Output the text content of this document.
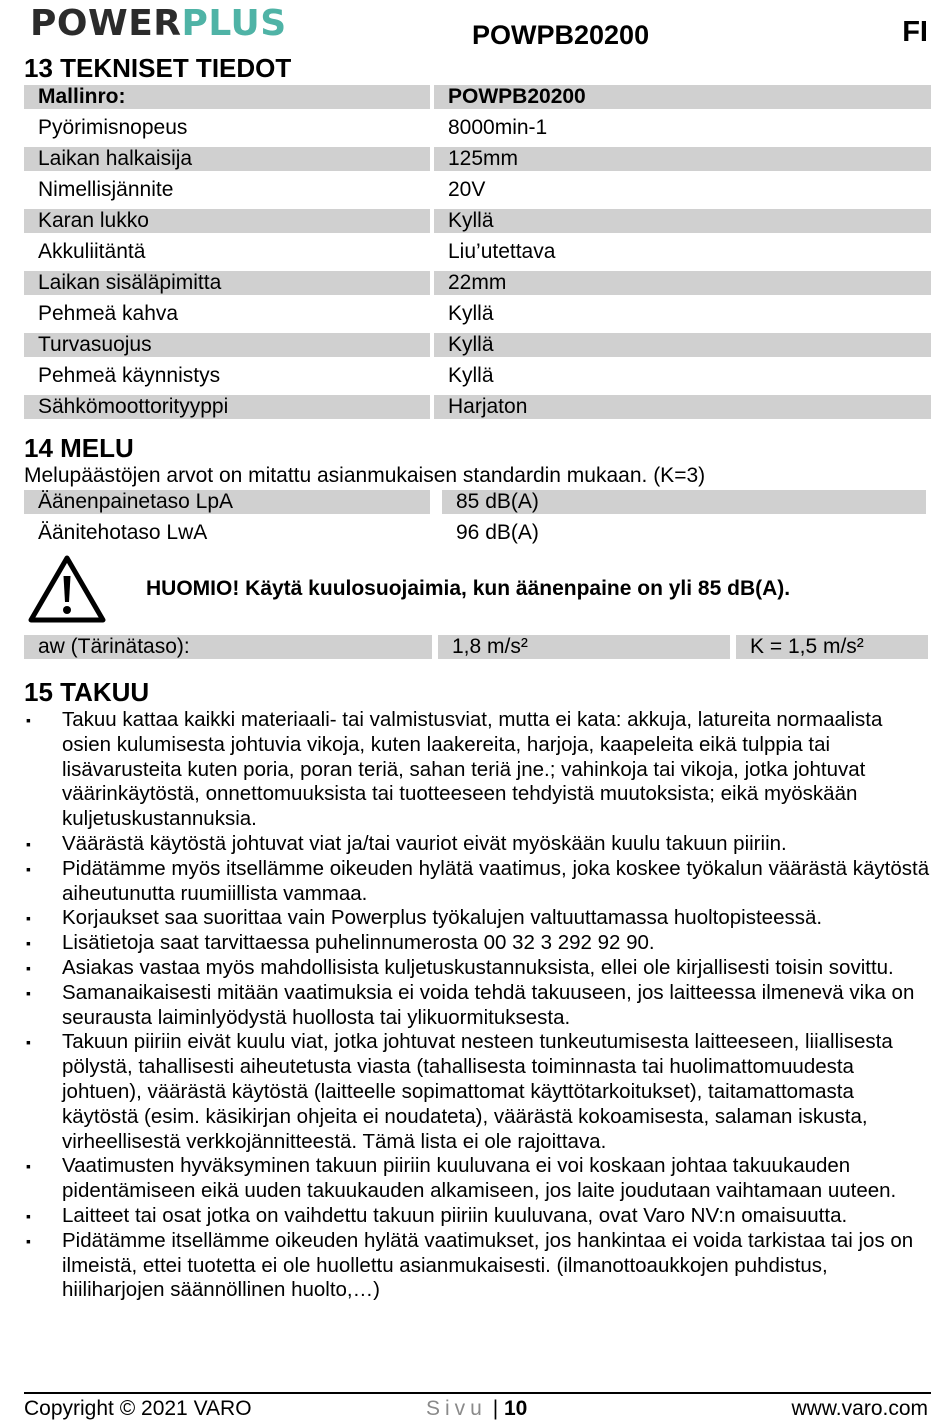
POWERPLUS	POWPB20200	FI
13 TEKNISET TIEDOT
Mallinro:	POWPB20200
Pyörimisnopeus	8000min-1
Laikan halkaisija	125mm
Nimellisjännite	20V
Karan lukko	Kyllä
Akkuliitäntä	Liu’utettava
Laikan sisäläpimitta	22mm
Pehmeä kahva	Kyllä
Turvasuojus	Kyllä
Pehmeä käynnistys	Kyllä
Sähkömoottorityyppi	Harjaton
14 MELU
Melupäästöjen arvot on mitattu asianmukaisen standardin mukaan. (K=3)
Äänenpainetaso LpA	85 dB(A)
Äänitehotaso LwA	96 dB(A)
HUOMIO! Käytä kuulosuojaimia, kun äänenpaine on yli 85 dB(A).
aw (Tärinätaso):	1,8 m/s²	K = 1,5 m/s²
15 TAKUU
▪ Takuu kattaa kaikki materiaali- tai valmistusviat, mutta ei kata: akkuja, latureita normaalista osien kulumisesta johtuvia vikoja, kuten laakereita, harjoja, kaapeleita eikä tulppia tai lisävarusteita kuten poria, poran teriä, sahan teriä jne.; vahinkoja tai vikoja, jotka johtuvat väärinkäytöstä, onnettomuuksista tai tuotteeseen tehdyistä muutoksista; eikä myöskään kuljetuskustannuksia.
▪ Väärästä käytöstä johtuvat viat ja/tai vauriot eivät myöskään kuulu takuun piiriin.
▪ Pidätämme myös itsellämme oikeuden hylätä vaatimus, joka koskee työkalun väärästä käytöstä aiheutunutta ruumiillista vammaa.
▪ Korjaukset saa suorittaa vain Powerplus työkalujen valtuuttamassa huoltopisteessä.
▪ Lisätietoja saat tarvittaessa puhelinnumerosta 00 32 3 292 92 90.
▪ Asiakas vastaa myös mahdollisista kuljetuskustannuksista, ellei ole kirjallisesti toisin sovittu.
▪ Samanaikaisesti mitään vaatimuksia ei voida tehdä takuuseen, jos laitteessa ilmenevä vika on seurausta laiminlyödystä huollosta tai ylikuormituksesta.
▪ Takuun piiriin eivät kuulu viat, jotka johtuvat nesteen tunkeutumisesta laitteeseen, liiallisesta pölystä, tahallisesti aiheutetusta viasta (tahallisesta toiminnasta tai huolimattomuudesta johtuen), väärästä käytöstä (laitteelle sopimattomat käyttötarkoitukset), taitamattomasta käytöstä (esim. käsikirjan ohjeita ei noudateta), väärästä kokoamisesta, salaman iskusta, virheellisestä verkkojännitteestä. Tämä lista ei ole rajoittava.
▪ Vaatimusten hyväksyminen takuun piiriin kuuluvana ei voi koskaan johtaa takuukauden pidentämiseen eikä uuden takuukauden alkamiseen, jos laite joudutaan vaihtamaan uuteen.
▪ Laitteet tai osat jotka on vaihdettu takuun piiriin kuuluvana, ovat Varo NV:n omaisuutta.
▪ Pidätämme itsellämme oikeuden hylätä vaatimukset, jos hankintaa ei voida tarkistaa tai jos on ilmeistä, ettei tuotetta ei ole huollettu asianmukaisesti. (ilmanottoaukkojen puhdistus, hiiliharjojen säännöllinen huolto,…)
Copyright © 2021 VARO	Sivu | 10	www.varo.com
